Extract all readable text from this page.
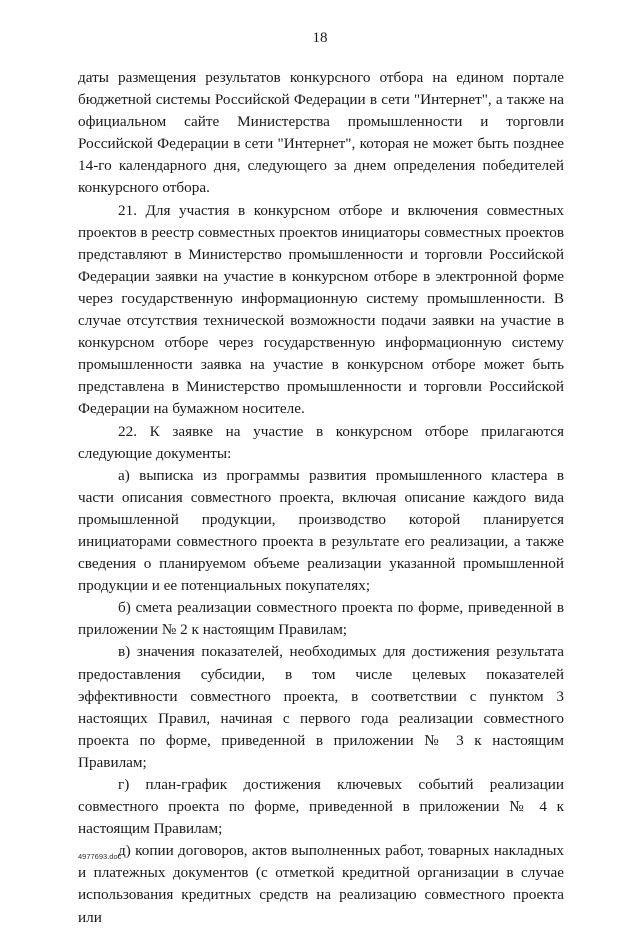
18

даты размещения результатов конкурсного отбора на едином портале бюджетной системы Российской Федерации в сети "Интернет", а также на официальном сайте Министерства промышленности и торговли Российской Федерации в сети "Интернет", которая не может быть позднее 14-го календарного дня, следующего за днем определения победителей конкурсного отбора.

21. Для участия в конкурсном отборе и включения совместных проектов в реестр совместных проектов инициаторы совместных проектов представляют в Министерство промышленности и торговли Российской Федерации заявки на участие в конкурсном отборе в электронной форме через государственную информационную систему промышленности. В случае отсутствия технической возможности подачи заявки на участие в конкурсном отборе через государственную информационную систему промышленности заявка на участие в конкурсном отборе может быть представлена в Министерство промышленности и торговли Российской Федерации на бумажном носителе.

22. К заявке на участие в конкурсном отборе прилагаются следующие документы:

а) выписка из программы развития промышленного кластера в части описания совместного проекта, включая описание каждого вида промышленной продукции, производство которой планируется инициаторами совместного проекта в результате его реализации, а также сведения о планируемом объеме реализации указанной промышленной продукции и ее потенциальных покупателях;

б) смета реализации совместного проекта по форме, приведенной в приложении № 2 к настоящим Правилам;

в) значения показателей, необходимых для достижения результата предоставления субсидии, в том числе целевых показателей эффективности совместного проекта, в соответствии с пунктом 3 настоящих Правил, начиная с первого года реализации совместного проекта по форме, приведенной в приложении № 3 к настоящим Правилам;

г) план-график достижения ключевых событий реализации совместного проекта по форме, приведенной в приложении № 4 к настоящим Правилам;

д) копии договоров, актов выполненных работ, товарных накладных и платежных документов (с отметкой кредитной организации в случае использования кредитных средств на реализацию совместного проекта или

4977693.doc
